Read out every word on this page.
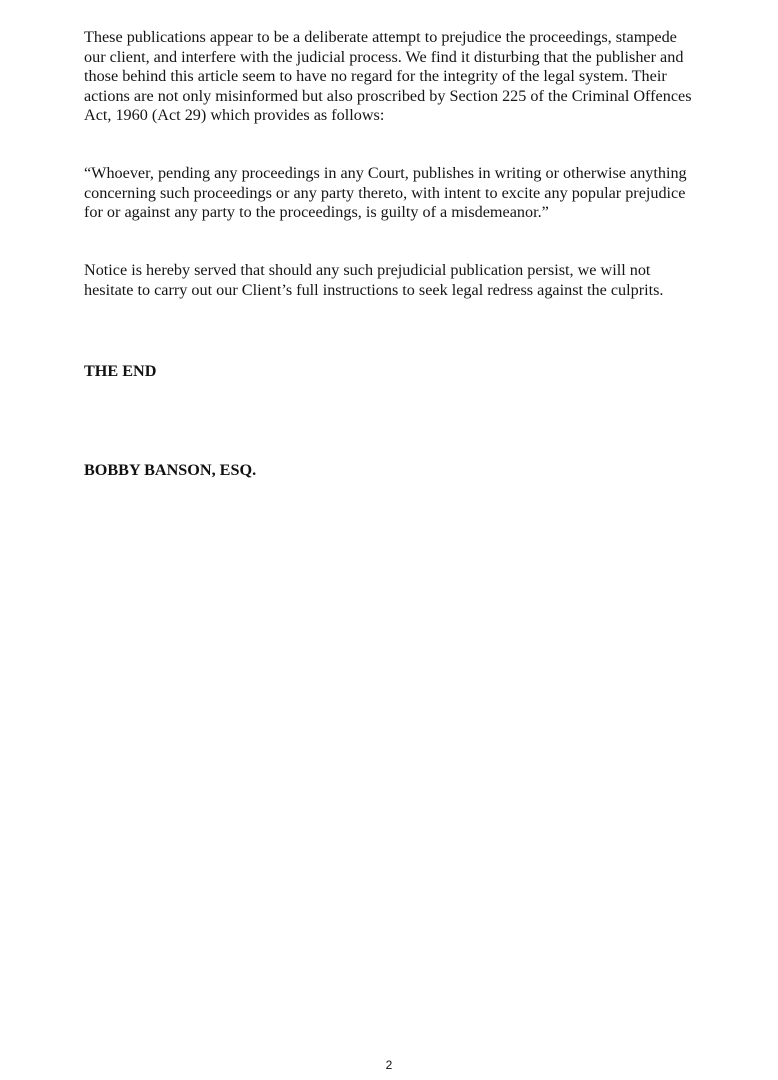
These publications appear to be a deliberate attempt to prejudice the proceedings, stampede our client, and interfere with the judicial process. We find it disturbing that the publisher and those behind this article seem to have no regard for the integrity of the legal system. Their actions are not only misinformed but also proscribed by Section 225 of the Criminal Offences Act, 1960 (Act 29) which provides as follows:

“Whoever, pending any proceedings in any Court, publishes in writing or otherwise anything concerning such proceedings or any party thereto, with intent to excite any popular prejudice for or against any party to the proceedings, is guilty of a misdemeanor.”

Notice is hereby served that should any such prejudicial publication persist, we will not hesitate to carry out our Client’s full instructions to seek legal redress against the culprits.

THE END

BOBBY BANSON, ESQ.

2
